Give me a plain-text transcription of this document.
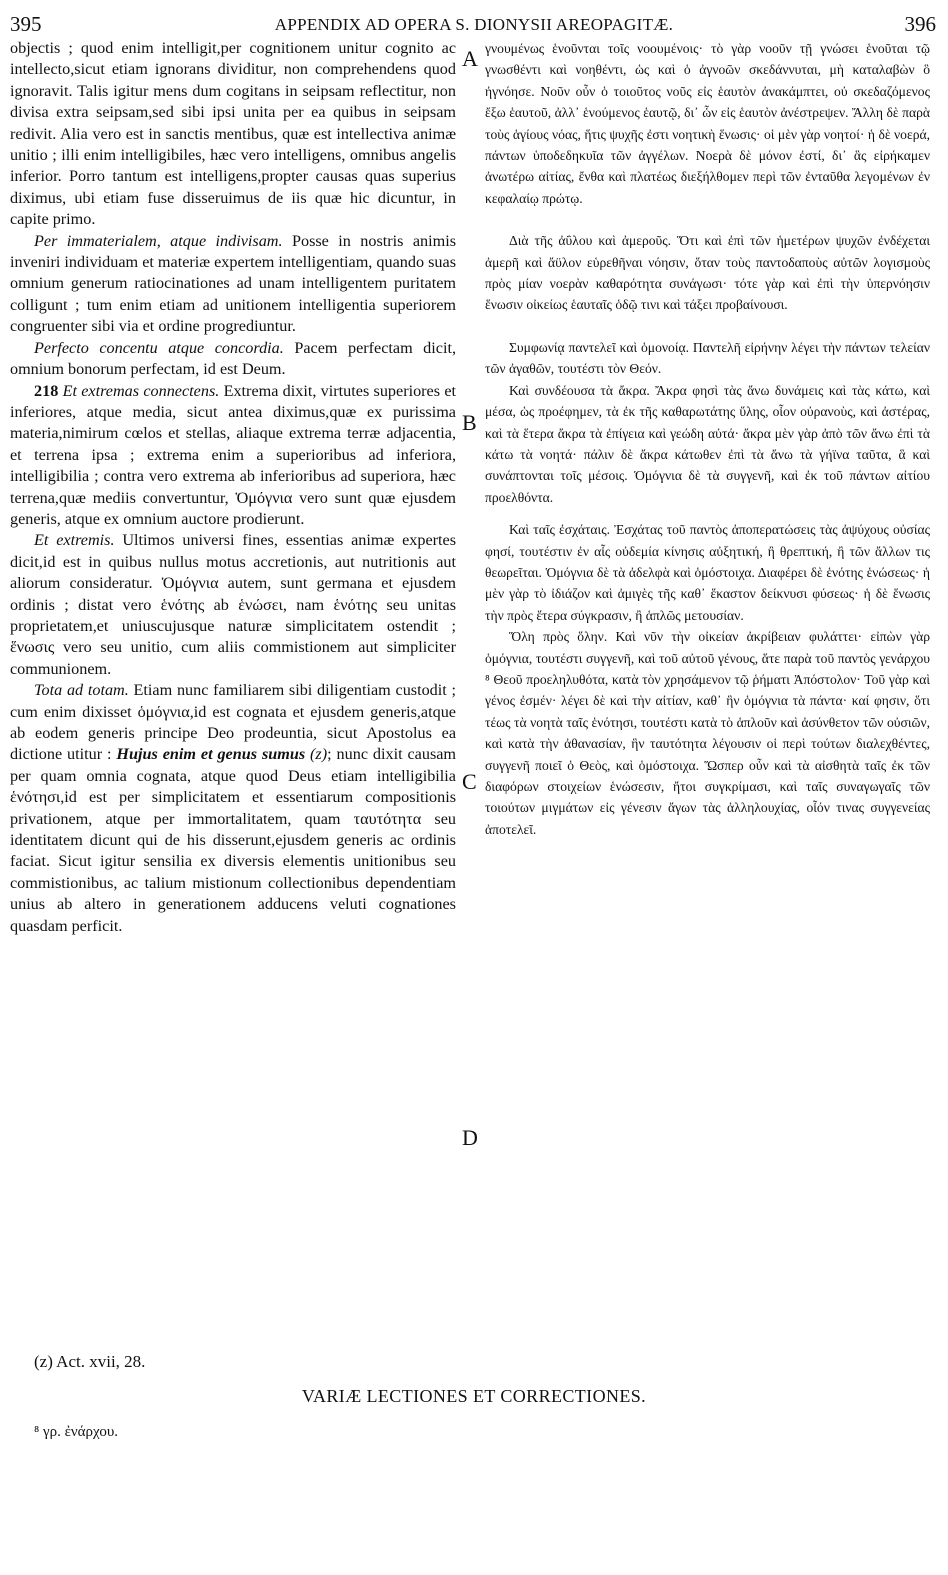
395	APPENDIX AD OPERA S. DIONYSII AREOPAGITÆ.	396

objectis ; quod enim intelligit,per cognitionem unitur cognito ac intellecto,sicut etiam ignorans dividitur, non comprehendens quod ignoravit. Talis igitur mens dum cogitans in seipsam reflectitur, non divisa extra seipsam,sed sibi ipsi unita per ea quibus in seipsam redivit. Alia vero est in sanctis mentibus, quæ est intellectiva animæ unitio ; illi enim intelligibiles, hæc vero intelligens, omnibus angelis inferior. Porro tantum est intelligens,propter causas quas superius diximus, ubi etiam fuse disseruimus de iis quæ hic dicuntur, in capite primo.

Per immaterialem, atque indivisam. Posse in nostris animis inveniri individuam et materiæ expertem intelligentiam, quando suas omnium generum ratiocinationes ad unam intelligentem puritatem colligunt ; tum enim etiam ad unitionem intelligentia superiorem congruenter sibi via et ordine progrediuntur.

Perfecto concentu atque concordia. Pacem perfectam dicit, omnium bonorum perfectam, id est Deum.

218 Et extremas connectens. Extrema dixit, virtutes superiores et inferiores, atque media, sicut antea diximus,quæ ex purissima materia,nimirum cœlos et stellas, aliaque extrema terræ adjacentia, et terrena ipsa ; extrema enim a superioribus ad inferiora, intelligibilia ; contra vero extrema ab inferioribus ad superiora, hæc terrena,quæ mediis convertuntur, Ὁμόγνια vero sunt quæ ejusdem generis, atque ex omnium auctore prodierunt.

Et extremis. Ultimos universi fines, essentias animæ expertes dicit,id est in quibus nullus motus accretionis, aut nutritionis aut aliorum consideratur. Ὁμόγνια autem, sunt germana et ejusdem ordinis ; distat vero ἑνότης ab ἑνώσει, nam ἑνότης seu unitas proprietatem,et uniuscujusque naturæ simplicitatem ostendit ; ἕνωσις vero seu unitio, cum aliis commistionem aut simpliciter communionem.

Tota ad totam. Etiam nunc familiarem sibi diligentiam custodit ; cum enim dixisset ὁμόγνια,id est cognata et ejusdem generis,atque ab eodem generis principe Deo prodeuntia, sicut Apostolus ea dictione utitur : Hujus enim et genus sumus (z); nunc dixit causam per quam omnia cognata, atque quod Deus etiam intelligibilia ἑνότησι,id est per simplicitatem et essentiarum compositionis privationem, atque per immortalitatem, quam ταυτότητα seu identitatem dicunt qui de his disserunt,ejusdem generis ac ordinis faciat. Sicut igitur sensilia ex diversis elementis unitionibus seu commistionibus, ac talium mistionum collectionibus dependentiam unius ab altero in generationem adducens veluti cognationes quasdam perficit.

A
B
C
D

γνουμένως ἑνοῦνται τοῖς νοουμένοις· τὸ γὰρ νοοῦν τῇ γνώσει ἑνοῦται τῷ γνωσθέντι καὶ νοηθέντι, ὡς καὶ ὁ ἀγνοῶν σκεδάννυται, μὴ καταλαβὼν ὃ ἠγνόησε. Νοῦν οὖν ὁ τοιοῦτος νοῦς εἰς ἑαυτὸν ἀνακάμπτει, οὐ σκεδαζόμενος ἔξω ἑαυτοῦ, ἀλλ᾽ ἑνούμενος ἑαυτῷ, δι᾽ ὧν εἰς ἑαυτὸν ἀνέστρεψεν. Ἄλλη δὲ παρὰ τοὺς ἁγίους νόας, ἥτις ψυχῆς ἐστι νοητικὴ ἕνωσις· οἱ μὲν γὰρ νοητοί· ἡ δὲ νοερά, πάντων ὑποδεδηκυῖα τῶν ἀγγέλων. Νοερὰ δὲ μόνον ἐστί, δι᾽ ἃς εἰρήκαμεν ἀνωτέρω αἰτίας, ἔνθα καὶ πλατέως διεξήλθομεν περὶ τῶν ἐνταῦθα λεγομένων ἐν κεφαλαίῳ πρώτῳ.

Διὰ τῆς ἀΰλου καὶ ἀμεροῦς. Ὅτι καὶ ἐπὶ τῶν ἡμετέρων ψυχῶν ἐνδέχεται ἀμερῆ καὶ ἄϋλον εὑρεθῆναι νόησιν, ὅταν τοὺς παντοδαποὺς αὐτῶν λογισμοὺς πρὸς μίαν νοερὰν καθαρότητα συνάγωσι· τότε γὰρ καὶ ἐπὶ τὴν ὑπερνόησιν ἕνωσιν οἰκείως ἑαυταῖς ὁδῷ τινι καὶ τάξει προβαίνουσι.

Συμφωνίᾳ παντελεῖ καὶ ὁμονοίᾳ. Παντελῆ εἰρήνην λέγει τὴν πάντων τελείαν τῶν ἀγαθῶν, τουτέστι τὸν Θεόν.

Καὶ συνδέουσα τὰ ἄκρα. Ἄκρα φησὶ τὰς ἄνω δυνάμεις καὶ τὰς κάτω, καὶ μέσα, ὡς προέφημεν, τὰ ἐκ τῆς καθαρωτάτης ὕλης, οἷον οὐρανοὺς, καὶ ἀστέρας, καὶ τὰ ἕτερα ἄκρα τὰ ἐπίγεια καὶ γεώδη αὐτά· ἄκρα μὲν γὰρ ἀπὸ τῶν ἄνω ἐπὶ τὰ κάτω τὰ νοητά· πάλιν δὲ ἄκρα κάτωθεν ἐπὶ τὰ ἄνω τὰ γήϊνα ταῦτα, ἃ καὶ συνάπτονται τοῖς μέσοις. Ὁμόγνια δὲ τὰ συγγενῆ, καὶ ἐκ τοῦ πάντων αἰτίου προελθόντα.

Καὶ ταῖς ἐσχάταις. Ἐσχάτας τοῦ παντὸς ἀποπερατώσεις τὰς ἀψύχους οὐσίας φησί, τουτέστιν ἐν αἷς οὐδεμία κίνησις αὐξητική, ἢ θρεπτική, ἢ τῶν ἄλλων τις θεωρεῖται. Ὁμόγνια δὲ τὰ ἀδελφὰ καὶ ὁμόστοιχα. Διαφέρει δὲ ἑνότης ἑνώσεως· ἡ μὲν γὰρ τὸ ἰδιάζον καὶ ἀμιγὲς τῆς καθ᾽ ἕκαστον δείκνυσι φύσεως· ἡ δὲ ἕνωσις τὴν πρὸς ἕτερα σύγκρασιν, ἢ ἁπλῶς μετουσίαν.

Ὅλη πρὸς ὅλην. Καὶ νῦν τὴν οἰκείαν ἀκρίβειαν φυλάττει· εἰπὼν γὰρ ὁμόγνια, τουτέστι συγγενῆ, καὶ τοῦ αὐτοῦ γένους, ἅτε παρὰ τοῦ παντὸς γενάρχου ⁸ Θεοῦ προεληλυθότα, κατὰ τὸν χρησάμενον τῷ ῥήματι Ἀπόστολον· Τοῦ γὰρ καὶ γένος ἐσμέν· λέγει δὲ καὶ τὴν αἰτίαν, καθ᾽ ἣν ὁμόγνια τὰ πάντα· καί φησιν, ὅτι τέως τὰ νοητὰ ταῖς ἑνότησι, τουτέστι κατὰ τὸ ἁπλοῦν καὶ ἀσύνθετον τῶν οὐσιῶν, καὶ κατὰ τὴν ἀθανασίαν, ἣν ταυτότητα λέγουσιν οἱ περὶ τούτων διαλεχθέντες, συγγενῆ ποιεῖ ὁ Θεὸς, καὶ ὁμόστοιχα. Ὥσπερ οὖν καὶ τὰ αἰσθητὰ ταῖς ἐκ τῶν διαφόρων στοιχείων ἑνώσεσιν, ἤτοι συγκρίμασι, καὶ ταῖς συναγωγαῖς τῶν τοιούτων μιγμάτων εἰς γένεσιν ἄγων τὰς ἀλληλουχίας, οἷόν τινας συγγενείας ἀποτελεῖ.

(z) Act. xvii, 28.
VARIÆ LECTIONES ET CORRECTIONES.
⁸ γρ. ἐνάρχου.
